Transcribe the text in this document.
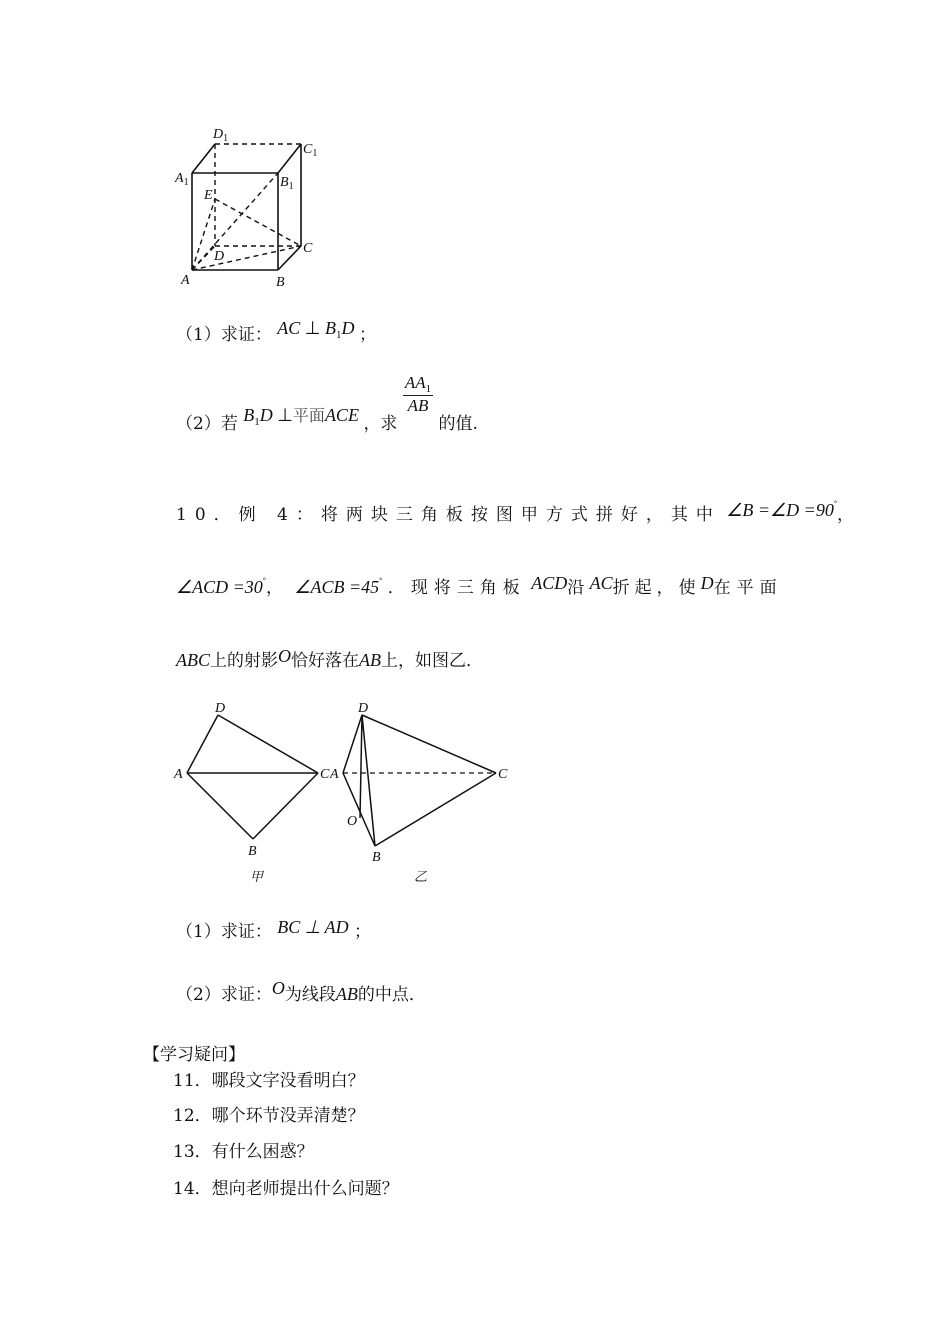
$D_1$
$C_1$
$A_1$	$B_1$
E
D
C
A	B
（1）求证： AC ⊥ $B_1D$ ；
（2）若 $B_1D$ ⊥平面ACE ，求
$\frac{AA_1}{AB}$
的值.
10．例 4：将两块三角板按图甲方式拼好，其中 ∠B =∠D =90°，
∠ACD =30°， ∠ACB =45° ．现将三角板 ACD沿 AC折起，使D在平面
ABC上的射影O恰好落在AB上，如图乙．
D
A	C
B
甲
D
A	C
O
B
乙
（1）求证： BC ⊥ AD ；
（2）求证：O为线段AB的中点．
【学习疑问】
11．哪段文字没看明白？
12．哪个环节没弄清楚？
13．有什么困惑？
14．想向老师提出什么问题？
